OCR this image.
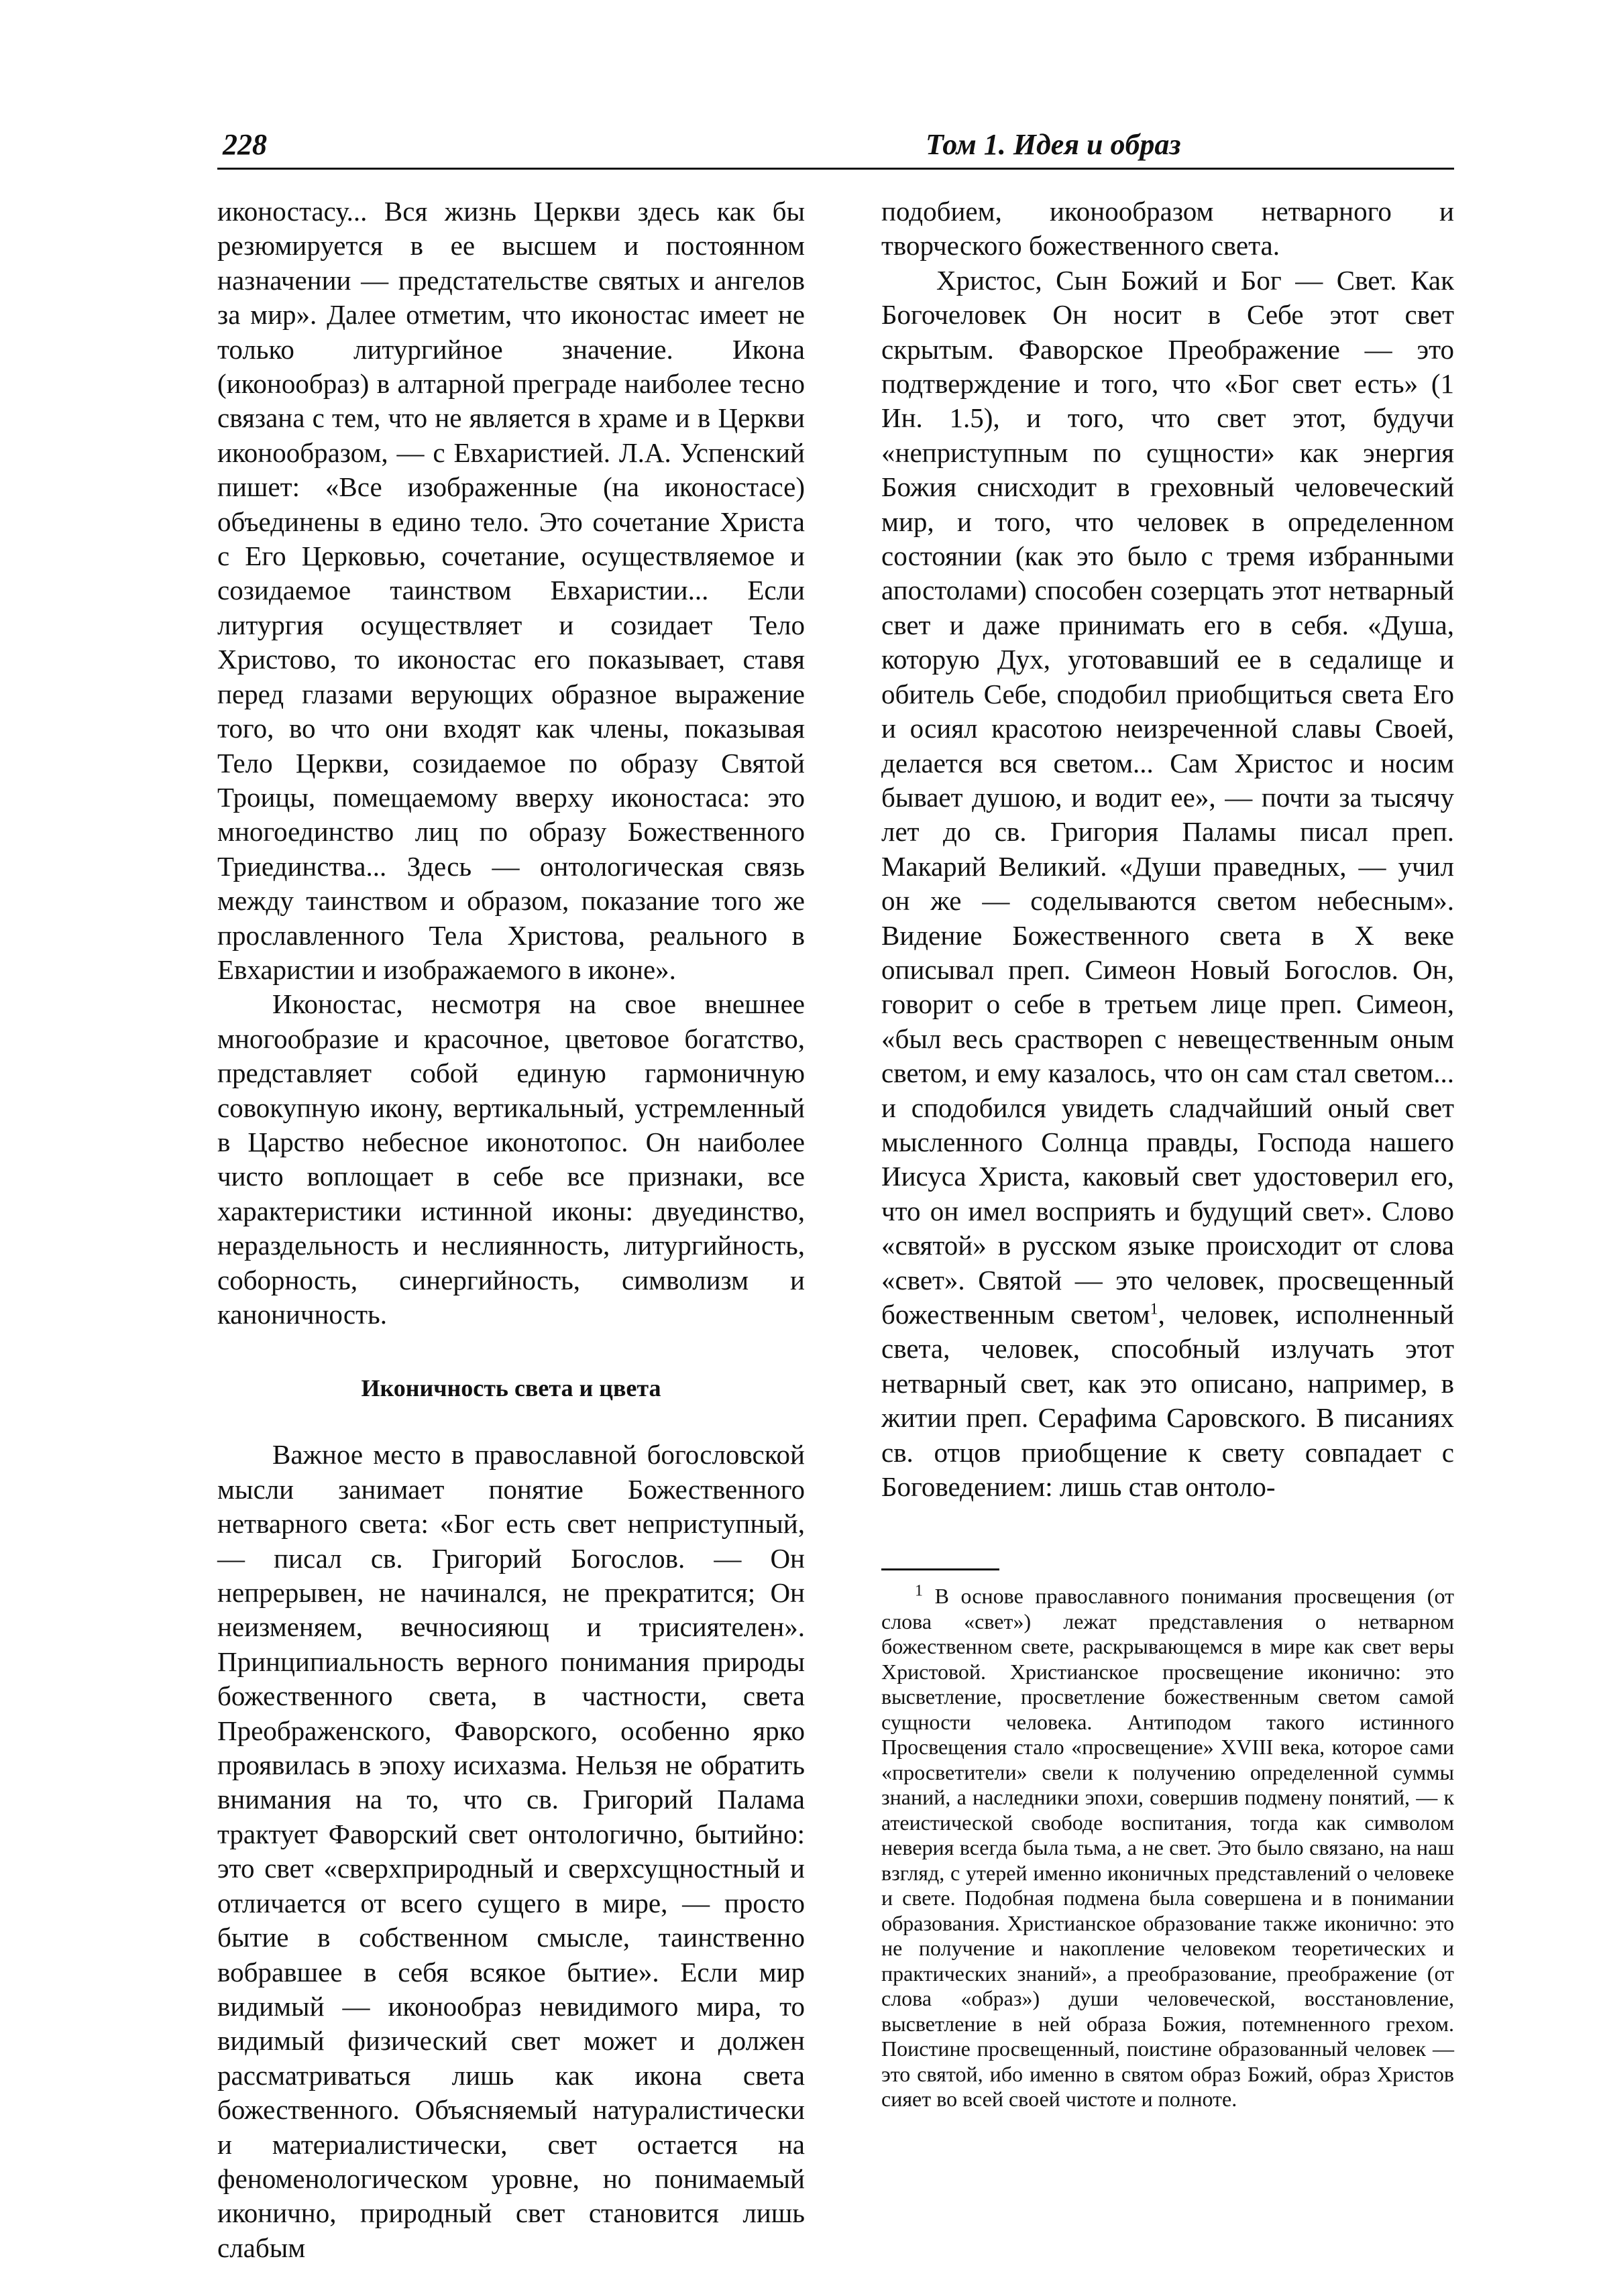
228	Том 1. Идея и образ

иконостасу... Вся жизнь Церкви здесь как бы резюмируется в ее высшем и постоянном назначении — предстательстве святых и ангелов за мир». Далее отметим, что иконостас имеет не только литургийное значение. Икона (иконообраз) в алтарной преграде наиболее тесно связана с тем, что не является в храме и в Церкви иконообразом, — с Евхаристией. Л.А. Успенский пишет: «Все изображенные (на иконостасе) объединены в едино тело. Это сочетание Христа с Его Церковью, сочетание, осуществляемое и созидаемое таинством Евхаристии... Если литургия осуществляет и созидает Тело Христово, то иконостас его показывает, ставя перед глазами верующих образное выражение того, во что они входят как члены, показывая Тело Церкви, созидаемое по образу Святой Троицы, помещаемому вверху иконостаса: это многоединство лиц по образу Божественного Триединства... Здесь — онтологическая связь между таинством и образом, показание того же прославленного Тела Христова, реального в Евхаристии и изображаемого в иконе».

Иконостас, несмотря на свое внешнее многообразие и красочное, цветовое богатство, представляет собой единую гармоничную совокупную икону, вертикальный, устремленный в Царство небесное иконотопос. Он наиболее чисто воплощает в себе все признаки, все характеристики истинной иконы: двуединство, нераздельность и неслиянность, литургийность, соборность, синергийность, символизм и каноничность.

Иконичность света и цвета

Важное место в православной богословской мысли занимает понятие Божественного нетварного света: «Бог есть свет неприступный, — писал св. Григорий Богослов. — Он непрерывен, не начинался, не прекратится; Он неизменяем, вечносияющ и трисиятелен». Принципиальность верного понимания природы божественного света, в частности, света Преображенского, Фаворского, особенно ярко проявилась в эпоху исихазма. Нельзя не обратить внимания на то, что св. Григорий Палама трактует Фаворский свет онтологично, бытийно: это свет «сверхприродный и сверхсущностный и отличается от всего сущего в мире, — просто бытие в собственном смысле, таинственно вобравшее в себя всякое бытие». Если мир видимый — иконообраз невидимого мира, то видимый физический свет может и должен рассматриваться лишь как икона света божественного. Объясняемый натуралистически и материалистически, свет остается на феноменологическом уровне, но понимаемый иконично, природный свет становится лишь слабым

подобием, иконообразом нетварного и творческого божественного света.

Христос, Сын Божий и Бог — Свет. Как Богочеловек Он носит в Себе этот свет скрытым. Фаворское Преображение — это подтверждение и того, что «Бог свет есть» (1 Ин. 1.5), и того, что свет этот, будучи «неприступным по сущности» как энергия Божия снисходит в греховный человеческий мир, и того, что человек в определенном состоянии (как это было с тремя избранными апостолами) способен созерцать этот нетварный свет и даже принимать его в себя. «Душа, которую Дух, уготовавший ее в седалище и обитель Себе, сподобил приобщиться света Его и осиял красотою неизреченной славы Своей, делается вся светом... Сам Христос и носим бывает душою, и водит ее», — почти за тысячу лет до св. Григория Паламы писал преп. Макарий Великий. «Души праведных, — учил он же — соделываются светом небесным». Видение Божественного света в X веке описывал преп. Симеон Новый Богослов. Он, говорит о себе в третьем лице преп. Симеон, «был весь сраствореn с невещественным оным светом, и ему казалось, что он сам стал светом... и сподобился увидеть сладчайший оный свет мысленного Солнца правды, Господа нашего Иисуса Христа, каковый свет удостоверил его, что он имел восприять и будущий свет». Слово «святой» в русском языке происходит от слова «свет». Святой — это человек, просвещенный божественным светом$^1$, человек, исполненный света, человек, способный излучать этот нетварный свет, как это описано, например, в житии преп. Серафима Саровского. В писаниях св. отцов приобщение к свету совпадает с Боговедением: лишь став онтоло-

$^1$ В основе православного понимания просвещения (от слова «свет») лежат представления о нетварном божественном свете, раскрывающемся в мире как свет веры Христовой. Христианское просвещение иконично: это высветление, просветление божественным светом самой сущности человека. Антиподом такого истинного Просвещения стало «просвещение» XVIII века, которое сами «просветители» свели к получению определенной суммы знаний, а наследники эпохи, совершив подмену понятий, — к атеистической свободе воспитания, тогда как символом неверия всегда была тьма, а не свет. Это было связано, на наш взгляд, с утерей именно иконичных представлений о человеке и свете. Подобная подмена была совершена и в понимании образования. Христианское образование также иконично: это не получение и накопление человеком теоретических и практических знаний», а преобразование, преображение (от слова «образ») души человеческой, восстановление, высветление в ней образа Божия, потемненного грехом. Поистине просвещенный, поистине образованный человек — это святой, ибо именно в святом образ Божий, образ Христов сияет во всей своей чистоте и полноте.
